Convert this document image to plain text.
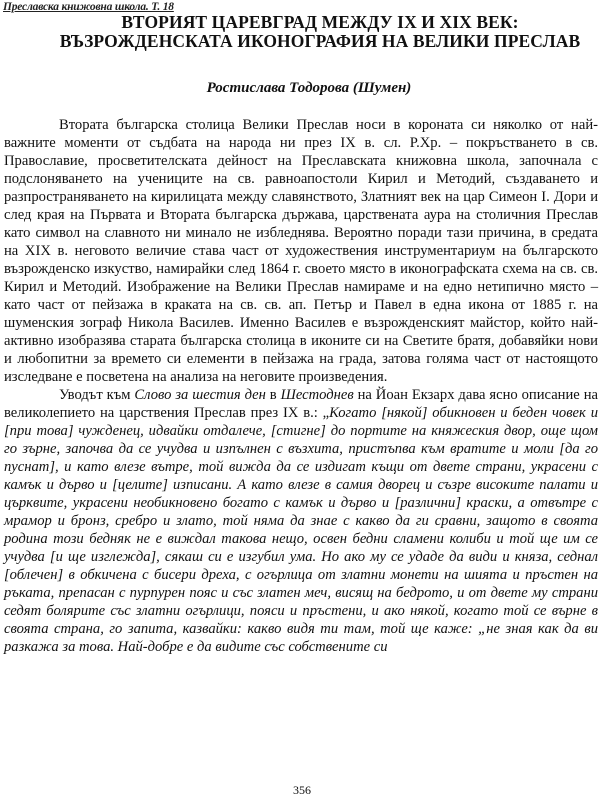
Преславска книжовна школа. Т. 18
ВТОРИЯТ ЦАРЕВГРАД МЕЖДУ IX И XIX ВЕК:
ВЪЗРОЖДЕНСКАТА ИКОНОГРАФИЯ НА ВЕЛИКИ ПРЕСЛАВ
Ростислава Тодорова (Шумен)

Втората българска столица Велики Преслав носи в короната си няколко от най-важните моменти от съдбата на народа ни през IX в. сл. Р.Хр. – покръстването в св. Православие, просветителската дейност на Преславската книжовна школа, започнала с подслоняването на учениците на св. равноапостоли Кирил и Методий, създаването и разпространяването на кирилицата между славянството, Златният век на цар Симеон I. Дори и след края на Първата и Втората българска държава, царствената аура на столичния Преслав като символ на славното ни минало не избледнява. Вероятно поради тази причина, в средата на XIX в. неговото величие става част от художествения инструментариум на българското възрожденско изкуство, намирайки след 1864 г. своето място в иконографската схема на св. св. Кирил и Методий. Изображение на Велики Преслав намираме и на едно нетипично място – като част от пейзажа в краката на св. св. ап. Петър и Павел в една икона от 1885 г. на шуменския зограф Никола Василев. Именно Василев е възрожденският майстор, който най-активно изобразява старата българска столица в иконите си на Светите братя, добавяйки нови и любопитни за времето си елементи в пейзажа на града, затова голяма част от настоящото изследване е посветена на анализа на неговите произведения.

Уводът към Слово за шестия ден в Шестоднев на Йоан Екзарх дава ясно описание на великолепието на царствения Преслав през IX в.: „Когато [някой] обикновен и беден човек и [при това] чужденец, идвайки отдалече, [стигне] до портите на княжеския двор, още щом го зърне, започва да се учудва и изпълнен с възхита, пристъпва към вратите и моли [да го пуснат], и като влезе вътре, той вижда да се издигат къщи от двете страни, украсени с камък и дърво и [целите] изписани. А като влезе в самия дворец и съзре високите палати и църквите, украсени необикновено богато с камък и дърво и [различни] краски, а отвътре с мрамор и бронз, сребро и злато, той няма да знае с какво да ги сравни, защото в своята родина този бедняк не е виждал такова нещо, освен бедни сламени колиби и той ще им се учудва [и ще изглежда], сякаш си е изгубил ума. Но ако му се удаде да види и княза, седнал [облечен] в обкичена с бисери дреха, с огърлица от златни монети на шията и пръстен на ръката, препасан с пурпурен пояс и със златен меч, висящ на бедрото, и от двете му страни седят болярите със златни огърлици, пояси и пръстени, и ако някой, когато той се върне в своята страна, го запита, казвайки: какво видя ти там, той ще каже: „не зная как да ви разкажа за това. Най-добре е да видите със собствените си

356
